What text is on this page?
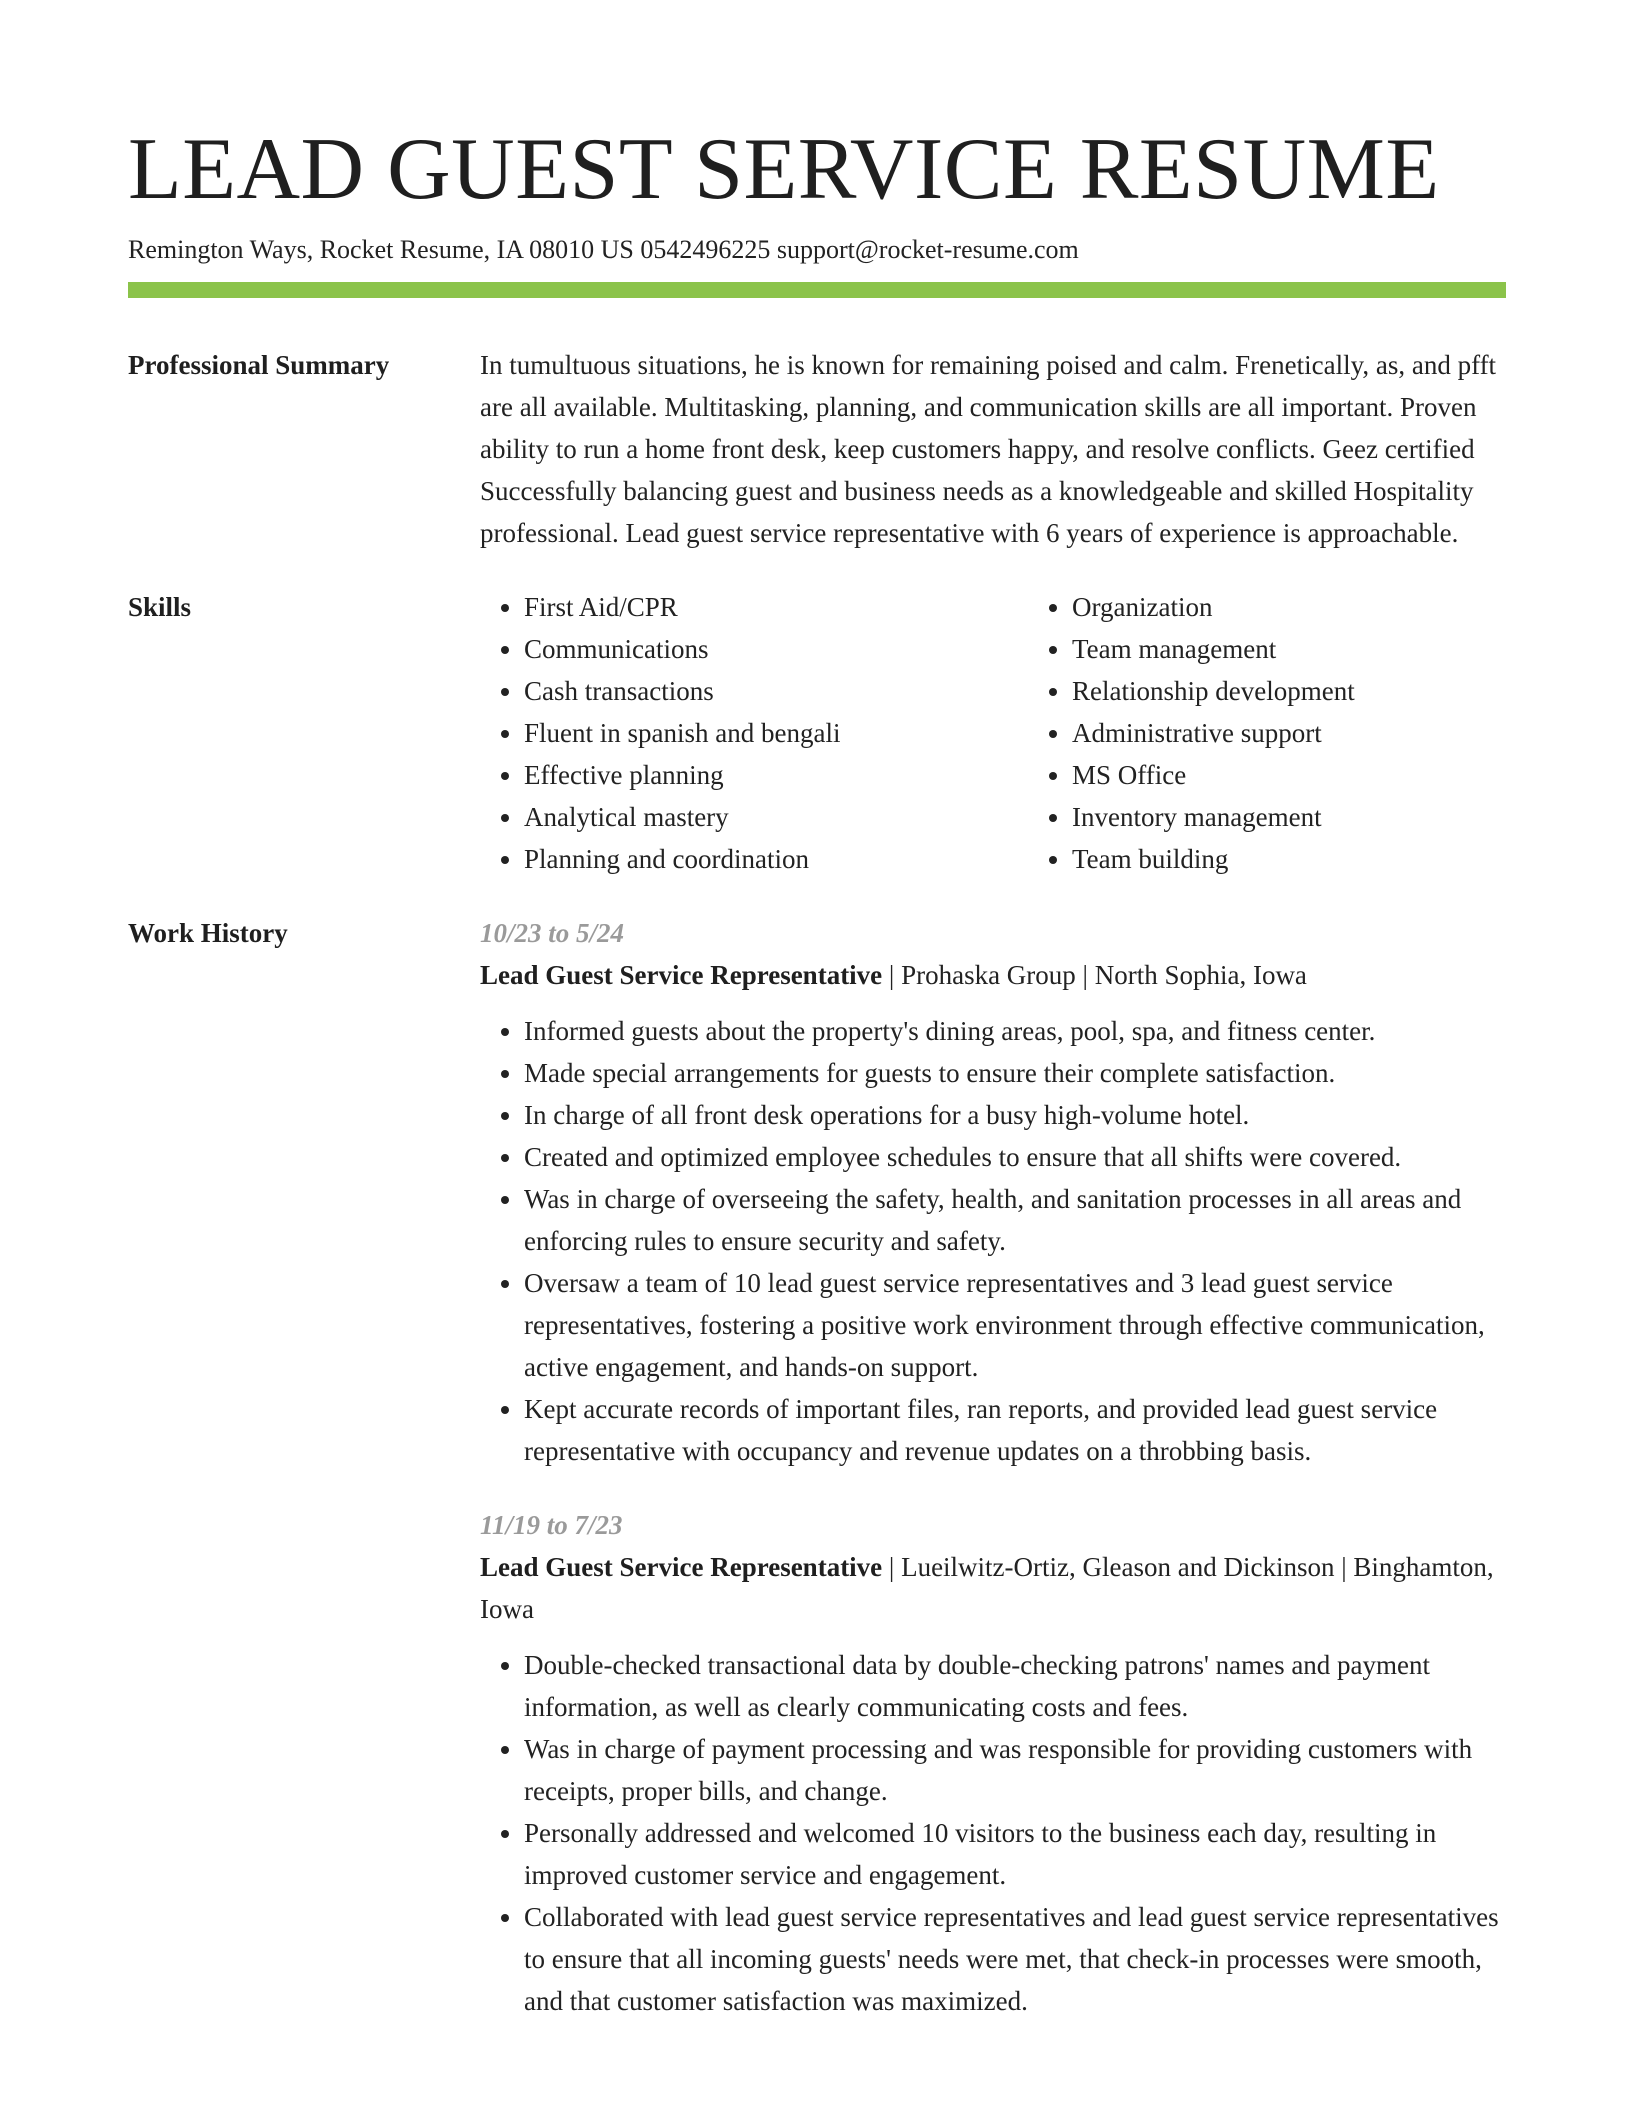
LEAD GUEST SERVICE RESUME
Remington Ways, Rocket Resume, IA 08010 US 0542496225 support@rocket-resume.com
Professional Summary	In tumultuous situations, he is known for remaining poised and calm. Frenetically, as, and pfft are all available. Multitasking, planning, and communication skills are all important. Proven ability to run a home front desk, keep customers happy, and resolve conflicts. Geez certified Successfully balancing guest and business needs as a knowledgeable and skilled Hospitality professional. Lead guest service representative with 6 years of experience is approachable.
Skills
•	First Aid/CPR
• Communications
• Cash transactions
• Fluent in spanish and bengali
• Effective planning
• Analytical mastery
• Planning and coordination
• Organization
• Team management
• Relationship development
• Administrative support
• MS Office
• Inventory management
• Team building
Work History	10/23 to 5/24
Lead Guest Service Representative | Prohaska Group | North Sophia, Iowa
• Informed guests about the property's dining areas, pool, spa, and fitness center.
• Made special arrangements for guests to ensure their complete satisfaction.
• In charge of all front desk operations for a busy high-volume hotel.
• Created and optimized employee schedules to ensure that all shifts were covered.
• Was in charge of overseeing the safety, health, and sanitation processes in all areas and enforcing rules to ensure security and safety.
• Oversaw a team of 10 lead guest service representatives and 3 lead guest service representatives, fostering a positive work environment through effective communication, active engagement, and hands-on support.
• Kept accurate records of important files, ran reports, and provided lead guest service representative with occupancy and revenue updates on a throbbing basis.
11/19 to 7/23
Lead Guest Service Representative | Lueilwitz-Ortiz, Gleason and Dickinson | Binghamton, Iowa
• Double-checked transactional data by double-checking patrons' names and payment information, as well as clearly communicating costs and fees.
• Was in charge of payment processing and was responsible for providing customers with receipts, proper bills, and change.
• Personally addressed and welcomed 10 visitors to the business each day, resulting in improved customer service and engagement.
• Collaborated with lead guest service representatives and lead guest service representatives to ensure that all incoming guests' needs were met, that check-in processes were smooth, and that customer satisfaction was maximized.
